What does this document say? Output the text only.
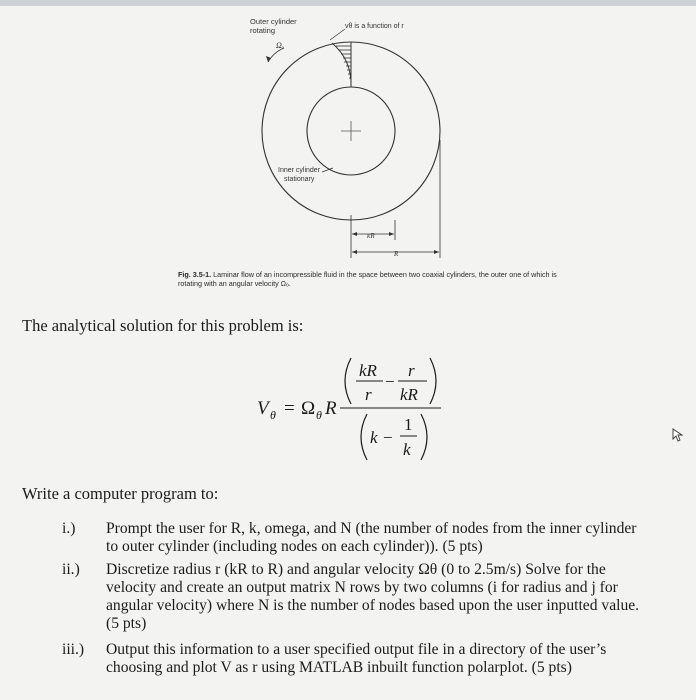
Outer cylinder
rotating
Ωₒ
vθ is a function of r
Inner cylinder
stationary
κR
R
Fig. 3.5-1. Laminar flow of an incompressible fluid in the space between two coaxial cylinders, the outer one of which is rotating with an angular velocity Ωₒ.
The analytical solution for this problem is:
V θ = Ω θ R
kR
r
−
r
kR
k −
1
k
Write a computer program to:
i.) Prompt the user for R, k, omega, and N (the number of nodes from the inner cylinder
to outer cylinder (including nodes on each cylinder)). (5 pts)
ii.) Discretize radius r (kR to R) and angular velocity Ωθ (0 to 2.5m/s) Solve for the
velocity and create an output matrix N rows by two columns (i for radius and j for
angular velocity) where N is the number of nodes based upon the user inputted value.
(5 pts)
iii.) Output this information to a user specified output file in a directory of the user’s
choosing and plot V as r using MATLAB inbuilt function polarplot. (5 pts)
